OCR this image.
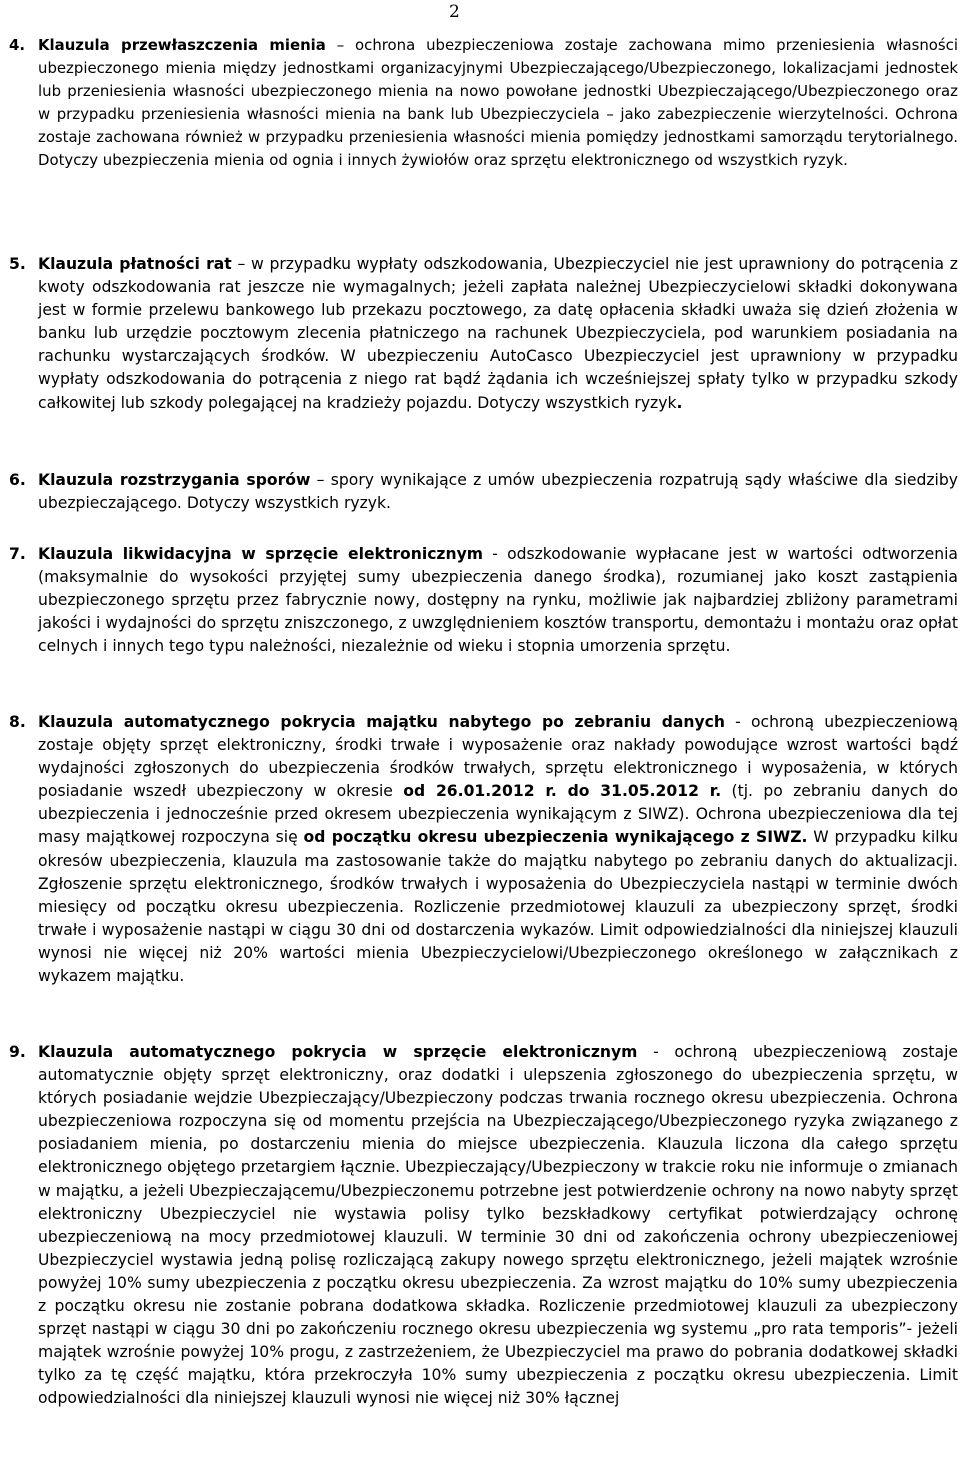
2
4. Klauzula przewłaszczenia mienia – ochrona ubezpieczeniowa zostaje zachowana mimo przeniesienia własności ubezpieczonego mienia między jednostkami organizacyjnymi Ubezpieczającego/Ubezpieczonego, lokalizacjami jednostek lub przeniesienia własności ubezpieczonego mienia na nowo powołane jednostki Ubezpieczającego/Ubezpieczonego oraz w przypadku przeniesienia własności mienia na bank lub Ubezpieczyciela – jako zabezpieczenie wierzytelności. Ochrona zostaje zachowana również w przypadku przeniesienia własności mienia pomiędzy jednostkami samorządu terytorialnego. Dotyczy ubezpieczenia mienia od ognia i innych żywiołów oraz sprzętu elektronicznego od wszystkich ryzyk.
5. Klauzula płatności rat – w przypadku wypłaty odszkodowania, Ubezpieczyciel nie jest uprawniony do potrącenia z kwoty odszkodowania rat jeszcze nie wymagalnych; jeżeli zapłata należnej Ubezpieczycielowi składki dokonywana jest w formie przelewu bankowego lub przekazu pocztowego, za datę opłacenia składki uważa się dzień złożenia w banku lub urzędzie pocztowym zlecenia płatniczego na rachunek Ubezpieczyciela, pod warunkiem posiadania na rachunku wystarczających środków. W ubezpieczeniu AutoCasco Ubezpieczyciel jest uprawniony w przypadku wypłaty odszkodowania do potrącenia z niego rat bądź żądania ich wcześniejszej spłaty tylko w przypadku szkody całkowitej lub szkody polegającej na kradzieży pojazdu. Dotyczy wszystkich ryzyk.
6. Klauzula rozstrzygania sporów – spory wynikające z umów ubezpieczenia rozpatrują sądy właściwe dla siedziby ubezpieczającego. Dotyczy wszystkich ryzyk.
7. Klauzula likwidacyjna w sprzęcie elektronicznym - odszkodowanie wypłacane jest w wartości odtworzenia (maksymalnie do wysokości przyjętej sumy ubezpieczenia danego środka), rozumianej jako koszt zastąpienia ubezpieczonego sprzętu przez fabrycznie nowy, dostępny na rynku, możliwie jak najbardziej zbliżony parametrami jakości i wydajności do sprzętu zniszczonego, z uwzględnieniem kosztów transportu, demontażu i montażu oraz opłat celnych i innych tego typu należności, niezależnie od wieku i stopnia umorzenia sprzętu.
8. Klauzula automatycznego pokrycia majątku nabytego po zebraniu danych - ochroną ubezpieczeniową zostaje objęty sprzęt elektroniczny, środki trwałe i wyposażenie oraz nakłady powodujące wzrost wartości bądź wydajności zgłoszonych do ubezpieczenia środków trwałych, sprzętu elektronicznego i wyposażenia, w których posiadanie wszedł ubezpieczony w okresie od 26.01.2012 r. do 31.05.2012 r. (tj. po zebraniu danych do ubezpieczenia i jednocześnie przed okresem ubezpieczenia wynikającym z SIWZ). Ochrona ubezpieczeniowa dla tej masy majątkowej rozpoczyna się od początku okresu ubezpieczenia wynikającego z SIWZ. W przypadku kilku okresów ubezpieczenia, klauzula ma zastosowanie także do majątku nabytego po zebraniu danych do aktualizacji. Zgłoszenie sprzętu elektronicznego, środków trwałych i wyposażenia do Ubezpieczyciela nastąpi w terminie dwóch miesięcy od początku okresu ubezpieczenia. Rozliczenie przedmiotowej klauzuli za ubezpieczony sprzęt, środki trwałe i wyposażenie nastąpi w ciągu 30 dni od dostarczenia wykazów. Limit odpowiedzialności dla niniejszej klauzuli wynosi nie więcej niż 20% wartości mienia Ubezpieczycielowi/Ubezpieczonego określonego w załącznikach z wykazem majątku.
9. Klauzula automatycznego pokrycia w sprzęcie elektronicznym - ochroną ubezpieczeniową zostaje automatycznie objęty sprzęt elektroniczny, oraz dodatki i ulepszenia zgłoszonego do ubezpieczenia sprzętu, w których posiadanie wejdzie Ubezpieczający/Ubezpieczony podczas trwania rocznego okresu ubezpieczenia. Ochrona ubezpieczeniowa rozpoczyna się od momentu przejścia na Ubezpieczającego/Ubezpieczonego ryzyka związanego z posiadaniem mienia, po dostarczeniu mienia do miejsce ubezpieczenia. Klauzula liczona dla całego sprzętu elektronicznego objętego przetargiem łącznie. Ubezpieczający/Ubezpieczony w trakcie roku nie informuje o zmianach w majątku, a jeżeli Ubezpieczającemu/Ubezpieczonemu potrzebne jest potwierdzenie ochrony na nowo nabyty sprzęt elektroniczny Ubezpieczyciel nie wystawia polisy tylko bezskładkowy certyfikat potwierdzający ochronę ubezpieczeniową na mocy przedmiotowej klauzuli. W terminie 30 dni od zakończenia ochrony ubezpieczeniowej Ubezpieczyciel wystawia jedną polisę rozliczającą zakupy nowego sprzętu elektronicznego, jeżeli majątek wzrośnie powyżej 10% sumy ubezpieczenia z początku okresu ubezpieczenia. Za wzrost majątku do 10% sumy ubezpieczenia z początku okresu nie zostanie pobrana dodatkowa składka. Rozliczenie przedmiotowej klauzuli za ubezpieczony sprzęt nastąpi w ciągu 30 dni po zakończeniu rocznego okresu ubezpieczenia wg systemu „pro rata temporis”- jeżeli majątek wzrośnie powyżej 10% progu, z zastrzeżeniem, że Ubezpieczyciel ma prawo do pobrania dodatkowej składki tylko za tę część majątku, która przekroczyła 10% sumy ubezpieczenia z początku okresu ubezpieczenia. Limit odpowiedzialności dla niniejszej klauzuli wynosi nie więcej niż 30% łącznej
